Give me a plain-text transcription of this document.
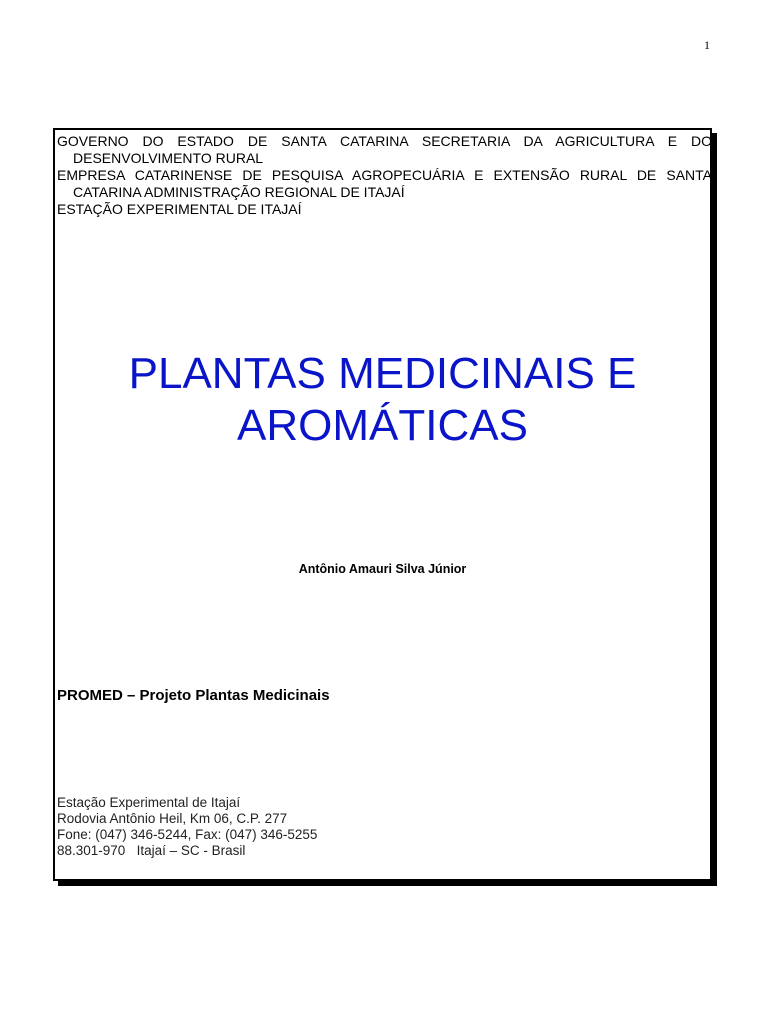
1

GOVERNO DO ESTADO DE SANTA CATARINA SECRETARIA DA AGRICULTURA E DO DESENVOLVIMENTO RURAL

EMPRESA CATARINENSE DE PESQUISA AGROPECUÁRIA E EXTENSÃO RURAL DE SANTA CATARINA ADMINISTRAÇÃO REGIONAL DE ITAJAÍ

ESTAÇÃO EXPERIMENTAL DE ITAJAÍ

PLANTAS MEDICINAIS E
AROMÁTICAS
Antônio Amauri Silva Júnior
PROMED – Projeto Plantas Medicinais
Estação Experimental de Itajaí
Rodovia Antônio Heil, Km 06, C.P. 277
Fone: (047) 346-5244, Fax: (047) 346-5255
88.301-970   Itajaí – SC - Brasil
